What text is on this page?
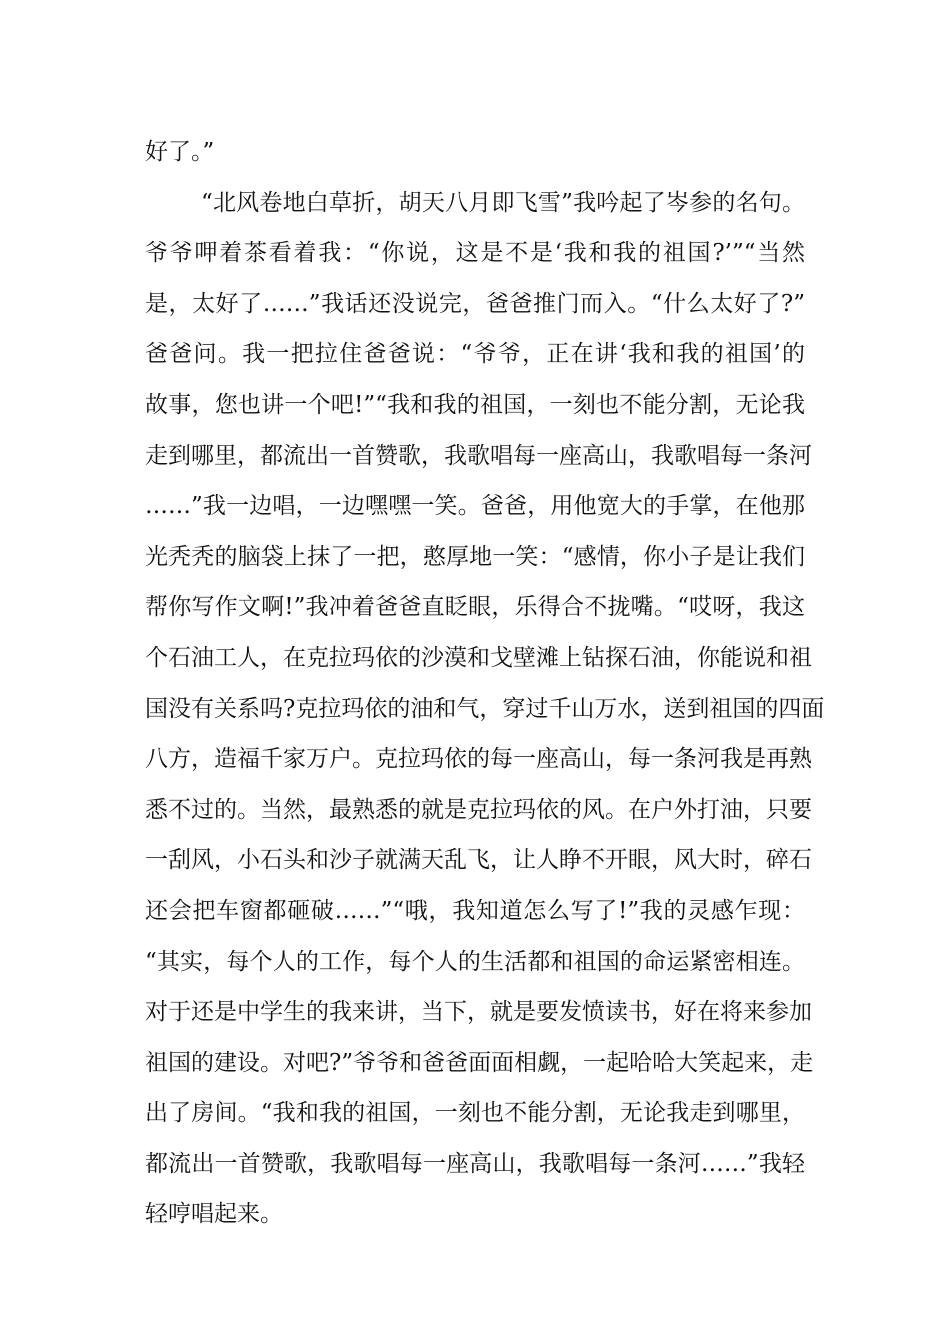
好了。”
“北风卷地白草折，胡天八月即飞雪”我吟起了岑参的名句。
爷爷呷着茶看着我：“你说，这是不是‘我和我的祖国?’”“当然
是，太好了……”我话还没说完，爸爸推门而入。“什么太好了?”
爸爸问。我一把拉住爸爸说：“爷爷，正在讲‘我和我的祖国’的
故事，您也讲一个吧!”“我和我的祖国，一刻也不能分割，无论我
走到哪里，都流出一首赞歌，我歌唱每一座高山，我歌唱每一条河
……”我一边唱，一边嘿嘿一笑。爸爸，用他宽大的手掌，在他那
光秃秃的脑袋上抹了一把，憨厚地一笑：“感情，你小子是让我们
帮你写作文啊!”我冲着爸爸直眨眼，乐得合不拢嘴。“哎呀，我这
个石油工人，在克拉玛依的沙漠和戈壁滩上钻探石油，你能说和祖
国没有关系吗?克拉玛依的油和气，穿过千山万水，送到祖国的四面
八方，造福千家万户。克拉玛依的每一座高山，每一条河我是再熟
悉不过的。当然，最熟悉的就是克拉玛依的风。在户外打油，只要
一刮风，小石头和沙子就满天乱飞，让人睁不开眼，风大时，碎石
还会把车窗都砸破……”“哦，我知道怎么写了!”我的灵感乍现：
“其实，每个人的工作，每个人的生活都和祖国的命运紧密相连。
对于还是中学生的我来讲，当下，就是要发愤读书，好在将来参加
祖国的建设。对吧?”爷爷和爸爸面面相觑，一起哈哈大笑起来，走
出了房间。“我和我的祖国，一刻也不能分割，无论我走到哪里，
都流出一首赞歌，我歌唱每一座高山，我歌唱每一条河……”我轻
轻哼唱起来。
